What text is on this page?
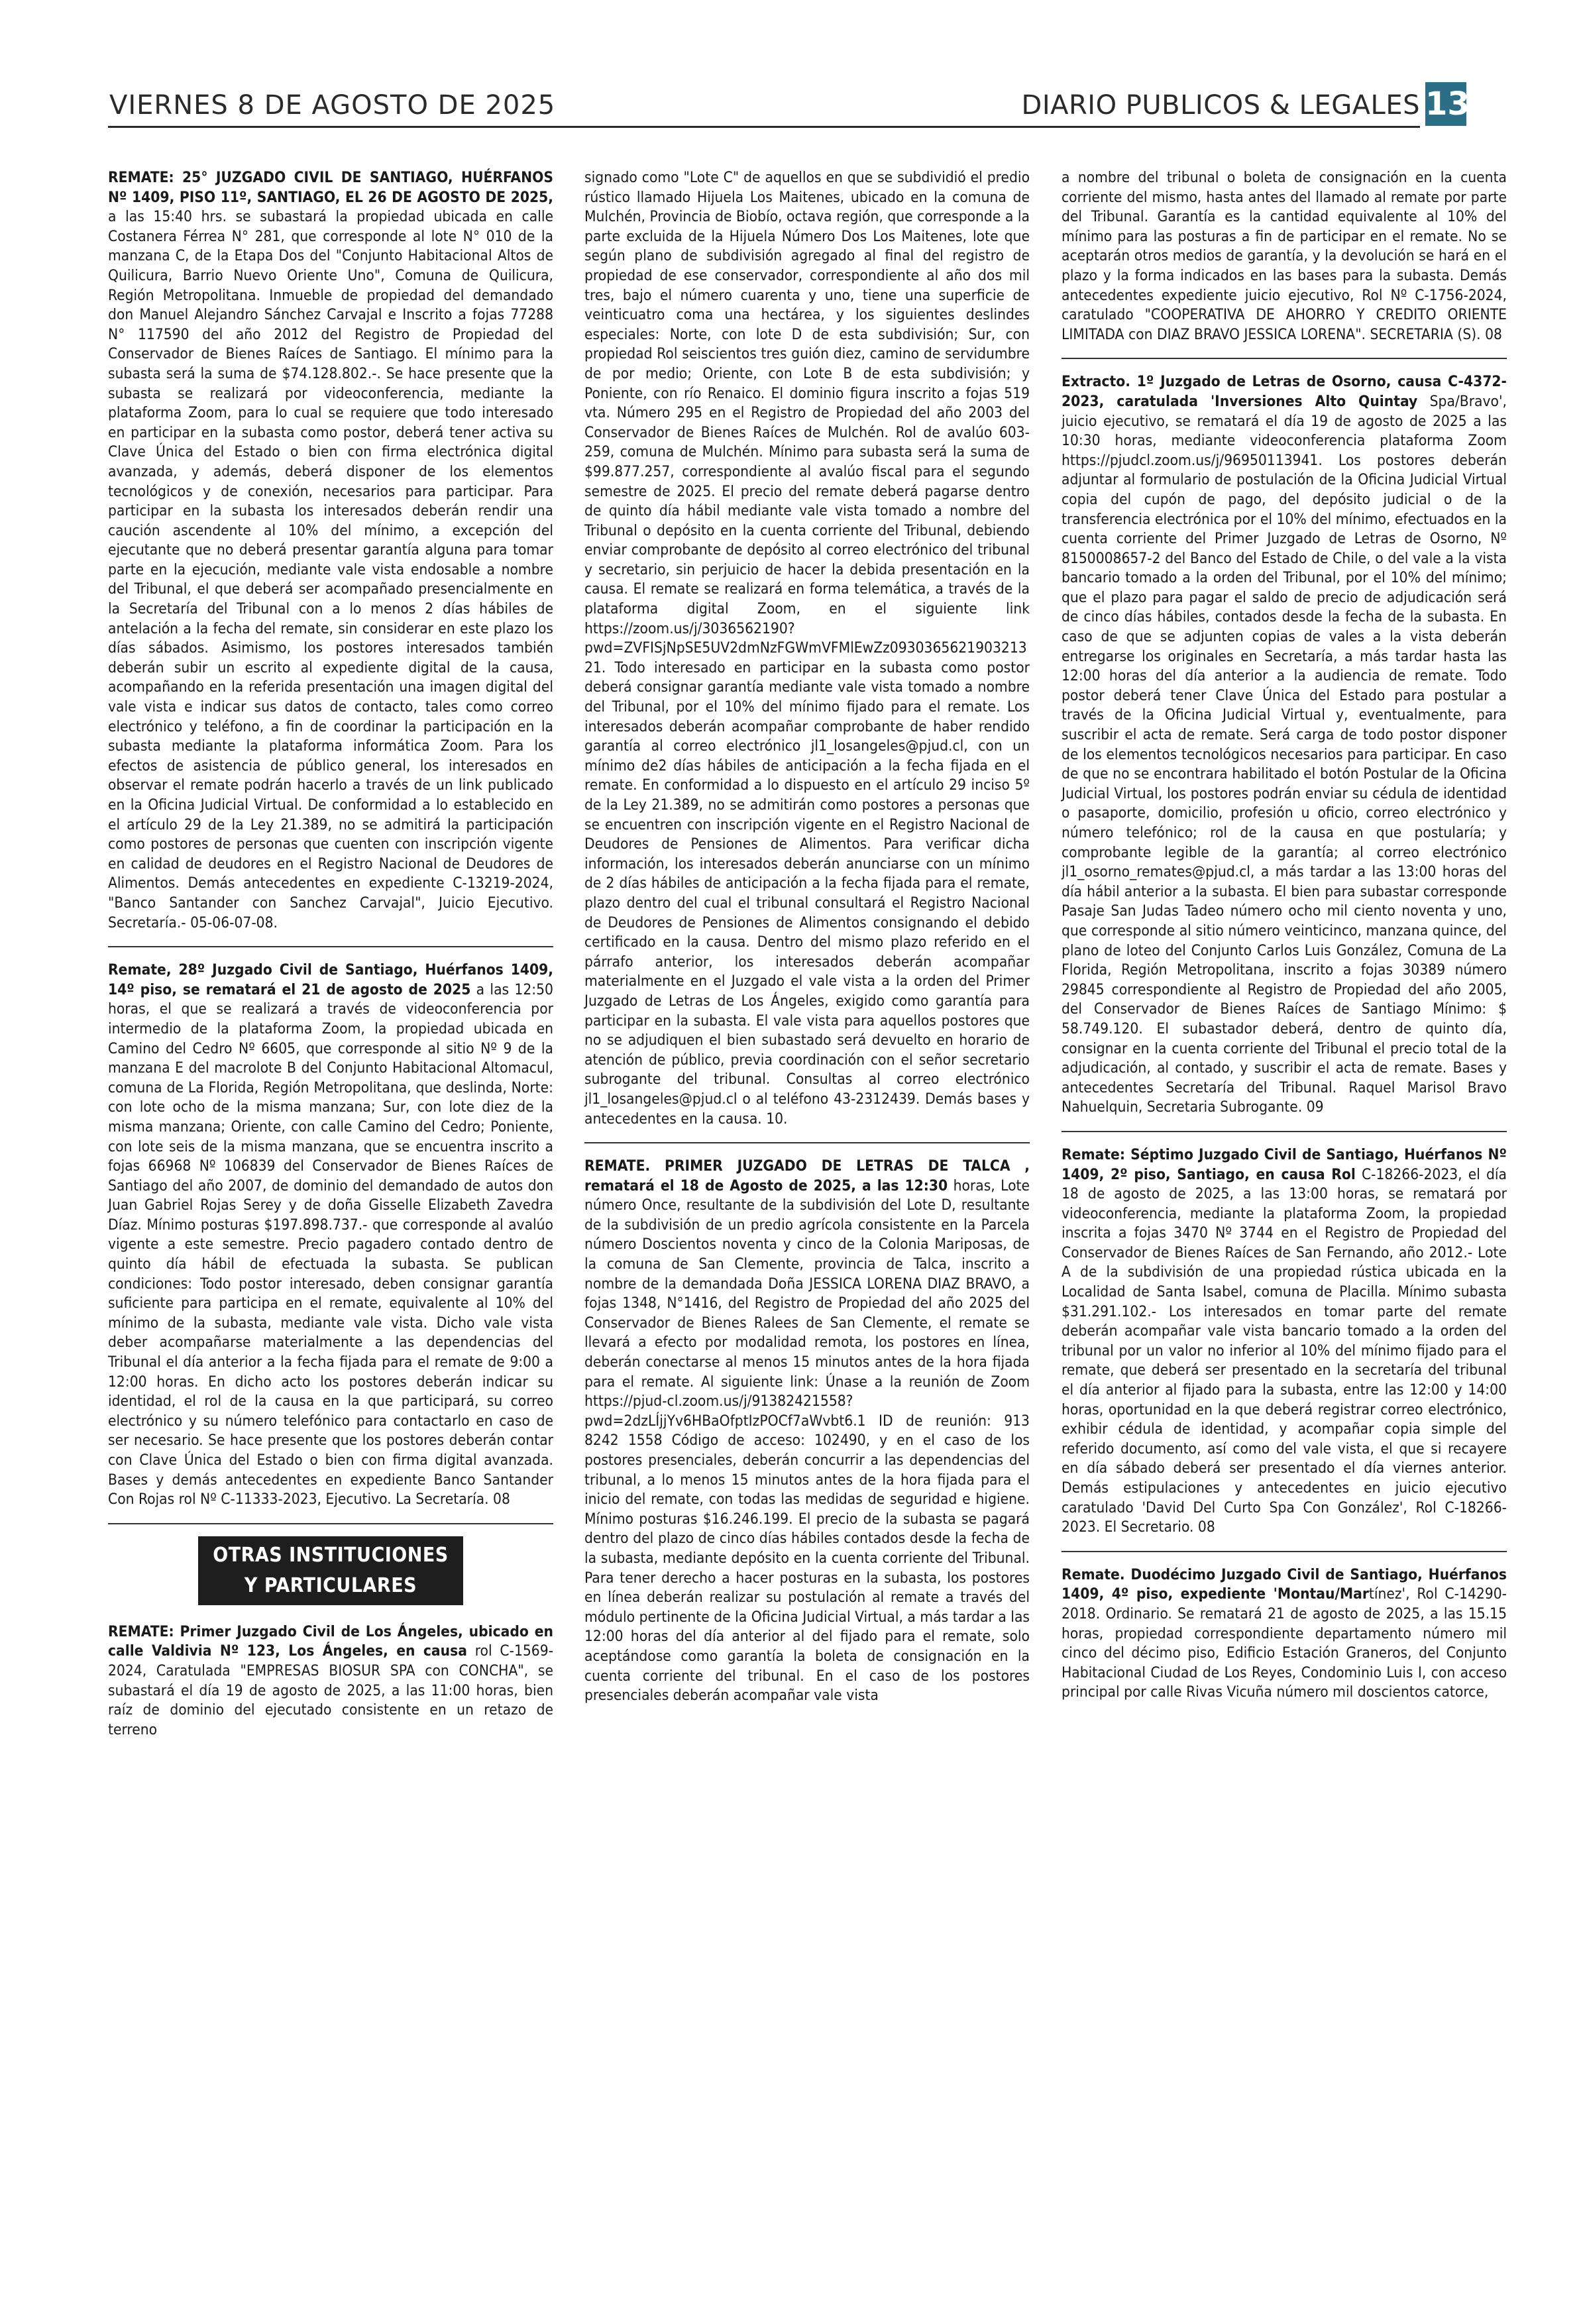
VIERNES 8 DE AGOSTO DE 2025	DIARIO PUBLICOS & LEGALES 13

REMATE: 25° JUZGADO CIVIL DE SANTIAGO, HUÉRFANOS Nº 1409, PISO 11º, SANTIAGO, EL 26 DE AGOSTO DE 2025, a las 15:40 hrs. se subastará la propiedad ubicada en calle Costanera Férrea N° 281, que corresponde al lote N° 010 de la manzana C, de la Etapa Dos del "Conjunto Habitacional Altos de Quilicura, Barrio Nuevo Oriente Uno", Comuna de Quilicura, Región Metropolitana. Inmueble de propiedad del demandado don Manuel Alejandro Sánchez Carvajal e Inscrito a fojas 77288 N° 117590 del año 2012 del Registro de Propiedad del Conservador de Bienes Raíces de Santiago. El mínimo para la subasta será la suma de $74.128.802.-. Se hace presente que la subasta se realizará por videoconferencia, mediante la plataforma Zoom, para lo cual se requiere que todo interesado en participar en la subasta como postor, deberá tener activa su Clave Única del Estado o bien con firma electrónica digital avanzada, y además, deberá disponer de los elementos tecnológicos y de conexión, necesarios para participar. Para participar en la subasta los interesados deberán rendir una caución ascendente al 10% del mínimo, a excepción del ejecutante que no deberá presentar garantía alguna para tomar parte en la ejecución, mediante vale vista endosable a nombre del Tribunal, el que deberá ser acompañado presencialmente en la Secretaría del Tribunal con a lo menos 2 días hábiles de antelación a la fecha del remate, sin considerar en este plazo los días sábados. Asimismo, los postores interesados también deberán subir un escrito al expediente digital de la causa, acompañando en la referida presentación una imagen digital del vale vista e indicar sus datos de contacto, tales como correo electrónico y teléfono, a fin de coordinar la participación en la subasta mediante la plataforma informática Zoom. Para los efectos de asistencia de público general, los interesados en observar el remate podrán hacerlo a través de un link publicado en la Oficina Judicial Virtual. De conformidad a lo establecido en el artículo 29 de la Ley 21.389, no se admitirá la participación como postores de personas que cuenten con inscripción vigente en calidad de deudores en el Registro Nacional de Deudores de Alimentos. Demás antecedentes en expediente C-13219-2024, "Banco Santander con Sanchez Carvajal", Juicio Ejecutivo. Secretaría.- 05-06-07-08.

Remate, 28º Juzgado Civil de Santiago, Huérfanos 1409, 14º piso, se rematará el 21 de agosto de 2025 a las 12:50 horas, el que se realizará a través de videoconferencia por intermedio de la plataforma Zoom, la propiedad ubicada en Camino del Cedro Nº 6605, que corresponde al sitio Nº 9 de la manzana E del macrolote B del Conjunto Habitacional Altomacul, comuna de La Florida, Región Metropolitana, que deslinda, Norte: con lote ocho de la misma manzana; Sur, con lote diez de la misma manzana; Oriente, con calle Camino del Cedro; Poniente, con lote seis de la misma manzana, que se encuentra inscrito a fojas 66968 Nº 106839 del Conservador de Bienes Raíces de Santiago del año 2007, de dominio del demandado de autos don Juan Gabriel Rojas Serey y de doña Gisselle Elizabeth Zavedra Díaz. Mínimo posturas $197.898.737.- que corresponde al avalúo vigente a este semestre. Precio pagadero contado dentro de quinto día hábil de efectuada la subasta. Se publican condiciones: Todo postor interesado, deben consignar garantía suficiente para participa en el remate, equivalente al 10% del mínimo de la subasta, mediante vale vista. Dicho vale vista deber acompañarse materialmente a las dependencias del Tribunal el día anterior a la fecha fijada para el remate de 9:00 a 12:00 horas. En dicho acto los postores deberán indicar su identidad, el rol de la causa en la que participará, su correo electrónico y su número telefónico para contactarlo en caso de ser necesario. Se hace presente que los postores deberán contar con Clave Única del Estado o bien con firma digital avanzada. Bases y demás antecedentes en expediente Banco Santander Con Rojas rol Nº C-11333-2023, Ejecutivo. La Secretaría. 08

OTRAS INSTITUCIONES
Y PARTICULARES

REMATE: Primer Juzgado Civil de Los Ángeles, ubicado en calle Valdivia Nº 123, Los Ángeles, en causa rol C-1569-2024, Caratulada "EMPRESAS BIOSUR SPA con CONCHA", se subastará el día 19 de agosto de 2025, a las 11:00 horas, bien raíz de dominio del ejecutado consistente en un retazo de terreno

signado como "Lote C" de aquellos en que se subdividió el predio rústico llamado Hijuela Los Maitenes, ubicado en la comuna de Mulchén, Provincia de Biobío, octava región, que corresponde a la parte excluida de la Hijuela Número Dos Los Maitenes, lote que según plano de subdivisión agregado al final del registro de propiedad de ese conservador, correspondiente al año dos mil tres, bajo el número cuarenta y uno, tiene una superficie de veinticuatro coma una hectárea, y los siguientes deslindes especiales: Norte, con lote D de esta subdivisión; Sur, con propiedad Rol seiscientos tres guión diez, camino de servidumbre de por medio; Oriente, con Lote B de esta subdivisión; y Poniente, con río Renaico. El dominio figura inscrito a fojas 519 vta. Número 295 en el Registro de Propiedad del año 2003 del Conservador de Bienes Raíces de Mulchén. Rol de avalúo 603-259, comuna de Mulchén. Mínimo para subasta será la suma de $99.877.257, correspondiente al avalúo fiscal para el segundo semestre de 2025. El precio del remate deberá pagarse dentro de quinto día hábil mediante vale vista tomado a nombre del Tribunal o depósito en la cuenta corriente del Tribunal, debiendo enviar comprobante de depósito al correo electrónico del tribunal y secretario, sin perjuicio de hacer la debida presentación en la causa. El remate se realizará en forma telemática, a través de la plataforma digital Zoom, en el siguiente link https://zoom.us/j/3036562190?pwd=ZVFISjNpSE5UV2dmNzFGWmVFMlEwZz093036562190321321. Todo interesado en participar en la subasta como postor deberá consignar garantía mediante vale vista tomado a nombre del Tribunal, por el 10% del mínimo fijado para el remate. Los interesados deberán acompañar comprobante de haber rendido garantía al correo electrónico jl1_losangeles@pjud.cl, con un mínimo de2 días hábiles de anticipación a la fecha fijada en el remate. En conformidad a lo dispuesto en el artículo 29 inciso 5º de la Ley 21.389, no se admitirán como postores a personas que se encuentren con inscripción vigente en el Registro Nacional de Deudores de Pensiones de Alimentos. Para verificar dicha información, los interesados deberán anunciarse con un mínimo de 2 días hábiles de anticipación a la fecha fijada para el remate, plazo dentro del cual el tribunal consultará el Registro Nacional de Deudores de Pensiones de Alimentos consignando el debido certificado en la causa. Dentro del mismo plazo referido en el párrafo anterior, los interesados deberán acompañar materialmente en el Juzgado el vale vista a la orden del Primer Juzgado de Letras de Los Ángeles, exigido como garantía para participar en la subasta. El vale vista para aquellos postores que no se adjudiquen el bien subastado será devuelto en horario de atención de público, previa coordinación con el señor secretario subrogante del tribunal. Consultas al correo electrónico jl1_losangeles@pjud.cl o al teléfono 43-2312439. Demás bases y antecedentes en la causa. 10.

REMATE. PRIMER JUZGADO DE LETRAS DE TALCA , rematará el 18 de Agosto de 2025, a las 12:30 horas, Lote número Once, resultante de la subdivisión del Lote D, resultante de la subdivisión de un predio agrícola consistente en la Parcela número Doscientos noventa y cinco de la Colonia Mariposas, de la comuna de San Clemente, provincia de Talca, inscrito a nombre de la demandada Doña JESSICA LORENA DIAZ BRAVO, a fojas 1348, N°1416, del Registro de Propiedad del año 2025 del Conservador de Bienes Ralees de San Clemente, el remate se llevará a efecto por modalidad remota, los postores en línea, deberán conectarse al menos 15 minutos antes de la hora fijada para el remate. Al siguiente link: Únase a la reunión de Zoom https://pjud-cl.zoom.us/j/91382421558?pwd=2dzLÍjjYv6HBaOfptIzPOCf7aWvbt6.1 ID de reunión: 913 8242 1558 Código de acceso: 102490, y en el caso de los postores presenciales, deberán concurrir a las dependencias del tribunal, a lo menos 15 minutos antes de la hora fijada para el inicio del remate, con todas las medidas de seguridad e higiene. Mínimo posturas $16.246.199. El precio de la subasta se pagará dentro del plazo de cinco días hábiles contados desde la fecha de la subasta, mediante depósito en la cuenta corriente del Tribunal. Para tener derecho a hacer posturas en la subasta, los postores en línea deberán realizar su postulación al remate a través del módulo pertinente de la Oficina Judicial Virtual, a más tardar a las 12:00 horas del día anterior al del fijado para el remate, solo aceptándose como garantía la boleta de consignación en la cuenta corriente del tribunal. En el caso de los postores presenciales deberán acompañar vale vista

a nombre del tribunal o boleta de consignación en la cuenta corriente del mismo, hasta antes del llamado al remate por parte del Tribunal. Garantía es la cantidad equivalente al 10% del mínimo para las posturas a fin de participar en el remate. No se aceptarán otros medios de garantía, y la devolución se hará en el plazo y la forma indicados en las bases para la subasta. Demás antecedentes expediente juicio ejecutivo, Rol Nº C-1756-2024, caratulado "COOPERATIVA DE AHORRO Y CREDITO ORIENTE LIMITADA con DIAZ BRAVO JESSICA LORENA". SECRETARIA (S). 08

Extracto. 1º Juzgado de Letras de Osorno, causa C-4372-2023, caratulada 'Inversiones Alto Quintay Spa/Bravo', juicio ejecutivo, se rematará el día 19 de agosto de 2025 a las 10:30 horas, mediante videoconferencia plataforma Zoom https://pjudcl.zoom.us/j/96950113941. Los postores deberán adjuntar al formulario de postulación de la Oficina Judicial Virtual copia del cupón de pago, del depósito judicial o de la transferencia electrónica por el 10% del mínimo, efectuados en la cuenta corriente del Primer Juzgado de Letras de Osorno, Nº 8150008657-2 del Banco del Estado de Chile, o del vale a la vista bancario tomado a la orden del Tribunal, por el 10% del mínimo; que el plazo para pagar el saldo de precio de adjudicación será de cinco días hábiles, contados desde la fecha de la subasta. En caso de que se adjunten copias de vales a la vista deberán entregarse los originales en Secretaría, a más tardar hasta las 12:00 horas del día anterior a la audiencia de remate. Todo postor deberá tener Clave Única del Estado para postular a través de la Oficina Judicial Virtual y, eventualmente, para suscribir el acta de remate. Será carga de todo postor disponer de los elementos tecnológicos necesarios para participar. En caso de que no se encontrara habilitado el botón Postular de la Oficina Judicial Virtual, los postores podrán enviar su cédula de identidad o pasaporte, domicilio, profesión u oficio, correo electrónico y número telefónico; rol de la causa en que postularía; y comprobante legible de la garantía; al correo electrónico jl1_osorno_remates@pjud.cl, a más tardar a las 13:00 horas del día hábil anterior a la subasta. El bien para subastar corresponde Pasaje San Judas Tadeo número ocho mil ciento noventa y uno, que corresponde al sitio número veinticinco, manzana quince, del plano de loteo del Conjunto Carlos Luis González, Comuna de La Florida, Región Metropolitana, inscrito a fojas 30389 número 29845 correspondiente al Registro de Propiedad del año 2005, del Conservador de Bienes Raíces de Santiago Mínimo: $ 58.749.120. El subastador deberá, dentro de quinto día, consignar en la cuenta corriente del Tribunal el precio total de la adjudicación, al contado, y suscribir el acta de remate. Bases y antecedentes Secretaría del Tribunal. Raquel Marisol Bravo Nahuelquin, Secretaria Subrogante. 09

Remate: Séptimo Juzgado Civil de Santiago, Huérfanos Nº 1409, 2º piso, Santiago, en causa Rol C-18266-2023, el día 18 de agosto de 2025, a las 13:00 horas, se rematará por videoconferencia, mediante la plataforma Zoom, la propiedad inscrita a fojas 3470 Nº 3744 en el Registro de Propiedad del Conservador de Bienes Raíces de San Fernando, año 2012.- Lote A de la subdivisión de una propiedad rústica ubicada en la Localidad de Santa Isabel, comuna de Placilla. Mínimo subasta $31.291.102.- Los interesados en tomar parte del remate deberán acompañar vale vista bancario tomado a la orden del tribunal por un valor no inferior al 10% del mínimo fijado para el remate, que deberá ser presentado en la secretaría del tribunal el día anterior al fijado para la subasta, entre las 12:00 y 14:00 horas, oportunidad en la que deberá registrar correo electrónico, exhibir cédula de identidad, y acompañar copia simple del referido documento, así como del vale vista, el que si recayere en día sábado deberá ser presentado el día viernes anterior. Demás estipulaciones y antecedentes en juicio ejecutivo caratulado 'David Del Curto Spa Con González', Rol C-18266-2023. El Secretario. 08

Remate. Duodécimo Juzgado Civil de Santiago, Huérfanos 1409, 4º piso, expediente 'Montau/Martínez', Rol C-14290-2018. Ordinario. Se rematará 21 de agosto de 2025, a las 15.15 horas, propiedad correspondiente departamento número mil cinco del décimo piso, Edificio Estación Graneros, del Conjunto Habitacional Ciudad de Los Reyes, Condominio Luis I, con acceso principal por calle Rivas Vicuña número mil doscientos catorce,
